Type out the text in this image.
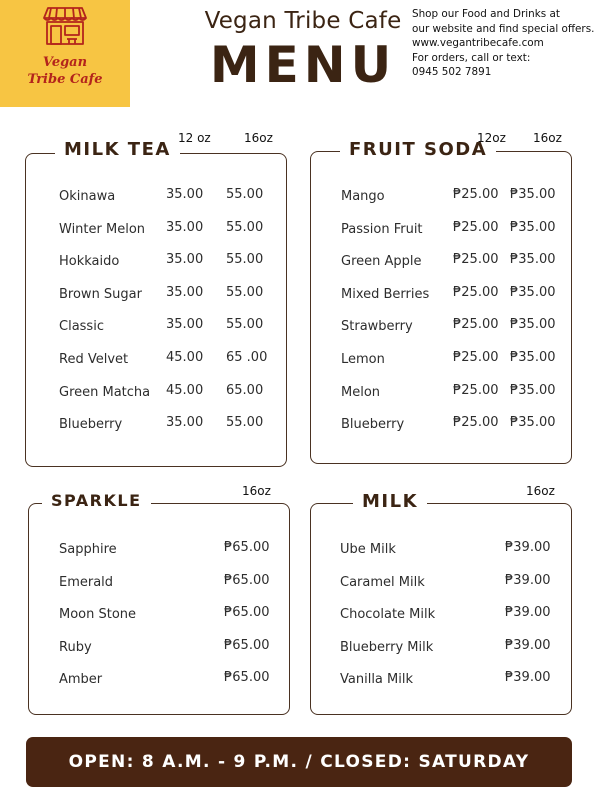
Vegan
Tribe Cafe
Vegan Tribe Cafe
MENU
Shop our Food and Drinks at
our website and find special offers.
www.vegantribecafe.com
For orders, call or text:
0945 502 7891
MILK TEA
12 oz	16oz
Okinawa	35.00 55.00
Winter Melon 35.00 55.00
Hokkaido	35.00 55.00
Brown Sugar 35.00 55.00
Classic	35.00 55.00
Red Velvet	45.00 65 .00
Green Matcha 45.00 65.00
Blueberry	35.00 55.00
FRUIT SODA
12oz 16oz
Mango	₱25.00 ₱35.00
Passion Fruit ₱25.00 ₱35.00
Green Apple ₱25.00 ₱35.00
Mixed Berries ₱25.00 ₱35.00
Strawberry	₱25.00 ₱35.00
Lemon	₱25.00 ₱35.00
Melon	₱25.00 ₱35.00
Blueberry	₱25.00 ₱35.00
SPARKLE	16oz
Sapphire	₱65.00
Emerald	₱65.00
Moon Stone	₱65.00
Ruby	₱65.00
Amber	₱65.00
MILK	16oz
Ube Milk	₱39.00
Caramel Milk	₱39.00
Chocolate Milk	₱39.00
Blueberry Milk	₱39.00
Vanilla Milk	₱39.00
OPEN: 8 A.M. - 9 P.M. / CLOSED: SATURDAY
